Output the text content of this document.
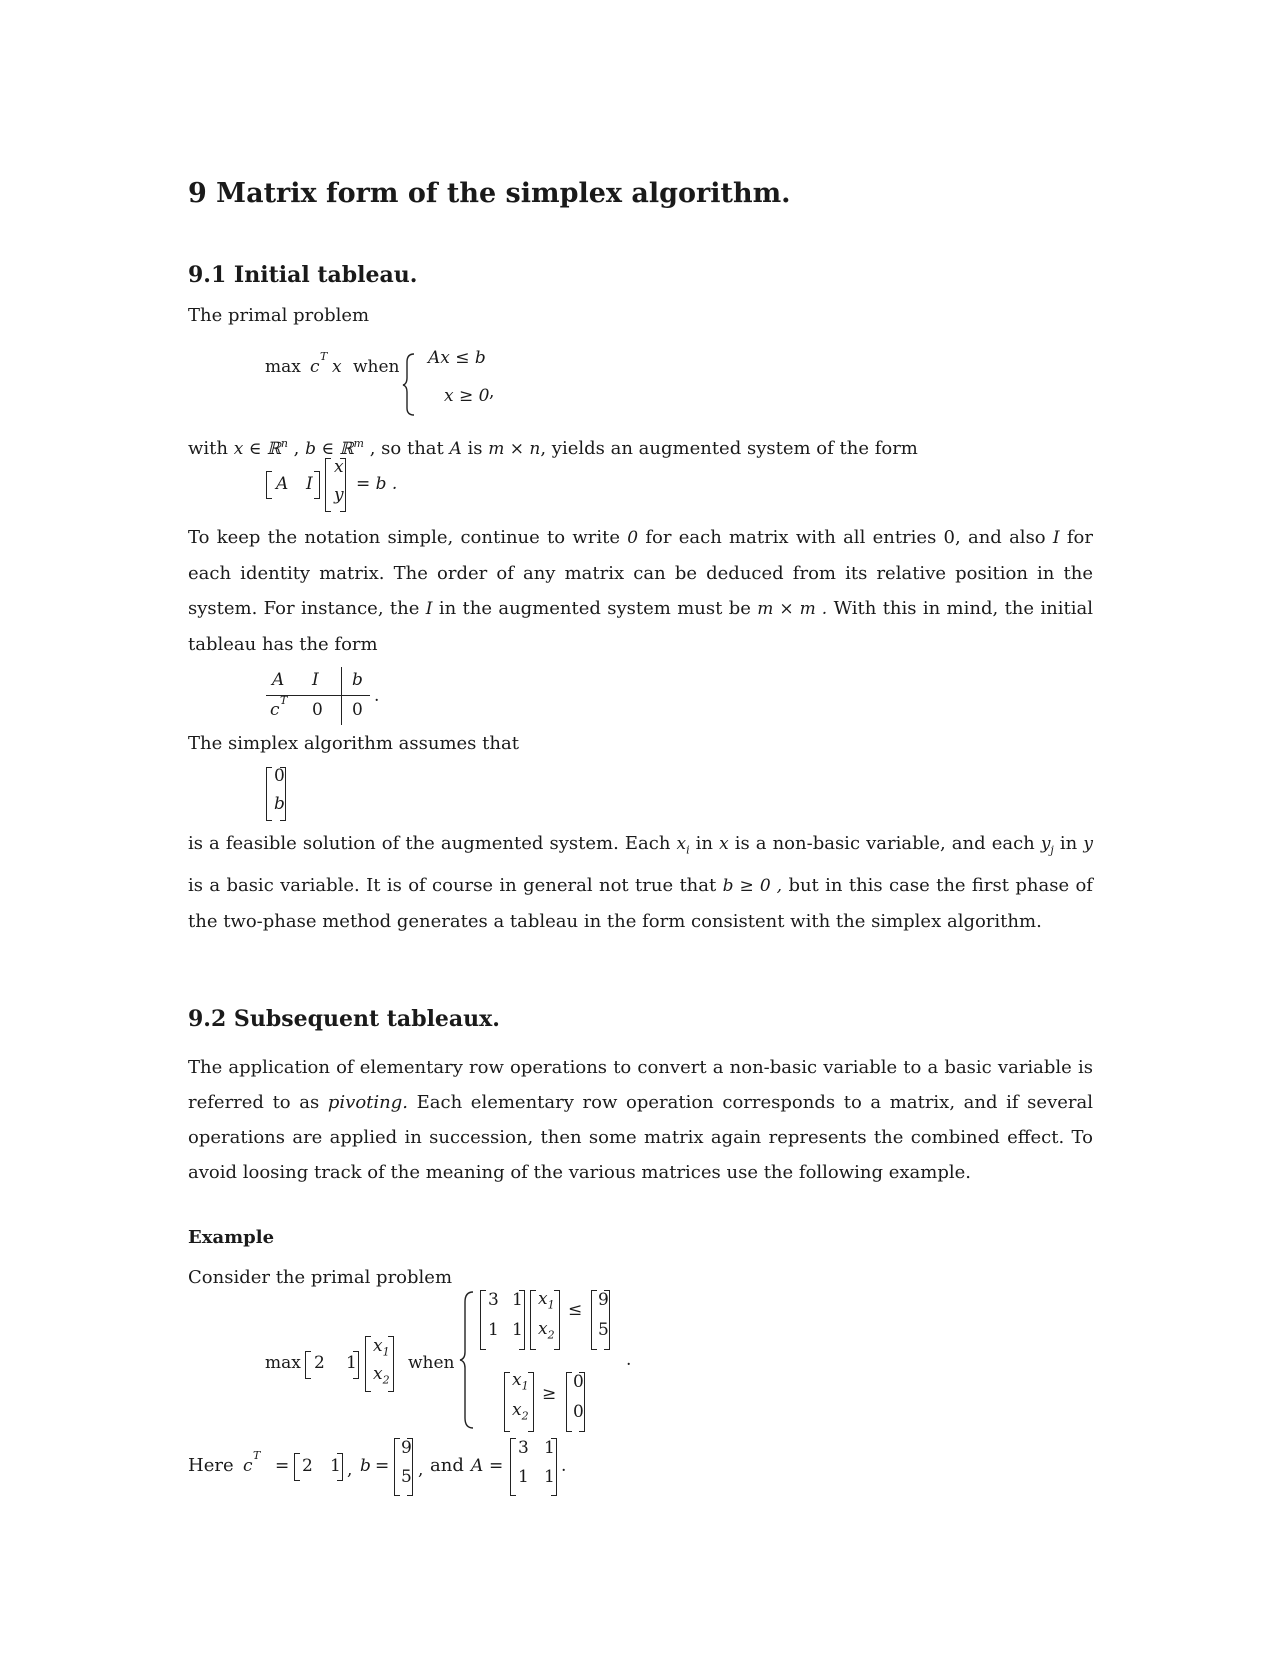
9 Matrix form of the simplex algorithm.
9.1 Initial tableau.
The primal problem
max c
T
x when Ax ≤ b
x ≥ 0 ,
with x ∈ ℝ$^n$ , b ∈ ℝ$^m$ , so that A is m × n, yields an augmented system of the form
A I
x
y
= b .
To keep the notation simple, continue to write 0 for each matrix with all entries 0, and also I for each identity matrix. The order of any matrix can be deduced from its relative position in the system. For instance, the I in the augmented system must be m × m . With this in mind, the initial tableau has the form
A I b
c T 0 0
.
The simplex algorithm assumes that
0
b
is a feasible solution of the augmented system. Each $x_i$ in x is a non-basic variable, and each $y_j$ in y is a basic variable. It is of course in general not true that b ≥ 0 , but in this case the first phase of the two-phase method generates a tableau in the form consistent with the simplex algorithm.
9.2 Subsequent tableaux.
The application of elementary row operations to convert a non-basic variable to a basic variable is referred to as pivoting. Each elementary row operation corresponds to a matrix, and if several operations are applied in succession, then some matrix again represents the combined effect. To avoid loosing track of the meaning of the various matrices use the following example.
Example
Consider the primal problem
max 2 1
$x_1$
$x_2$
when
3 1
1 1
$x_1$
$x_2$
≤ 9
5
$x_1$
$x_2$
≥
0
0
.
Here c
T
= 2 1 , b =
9
5 , and A =
3 1
1 1
.
